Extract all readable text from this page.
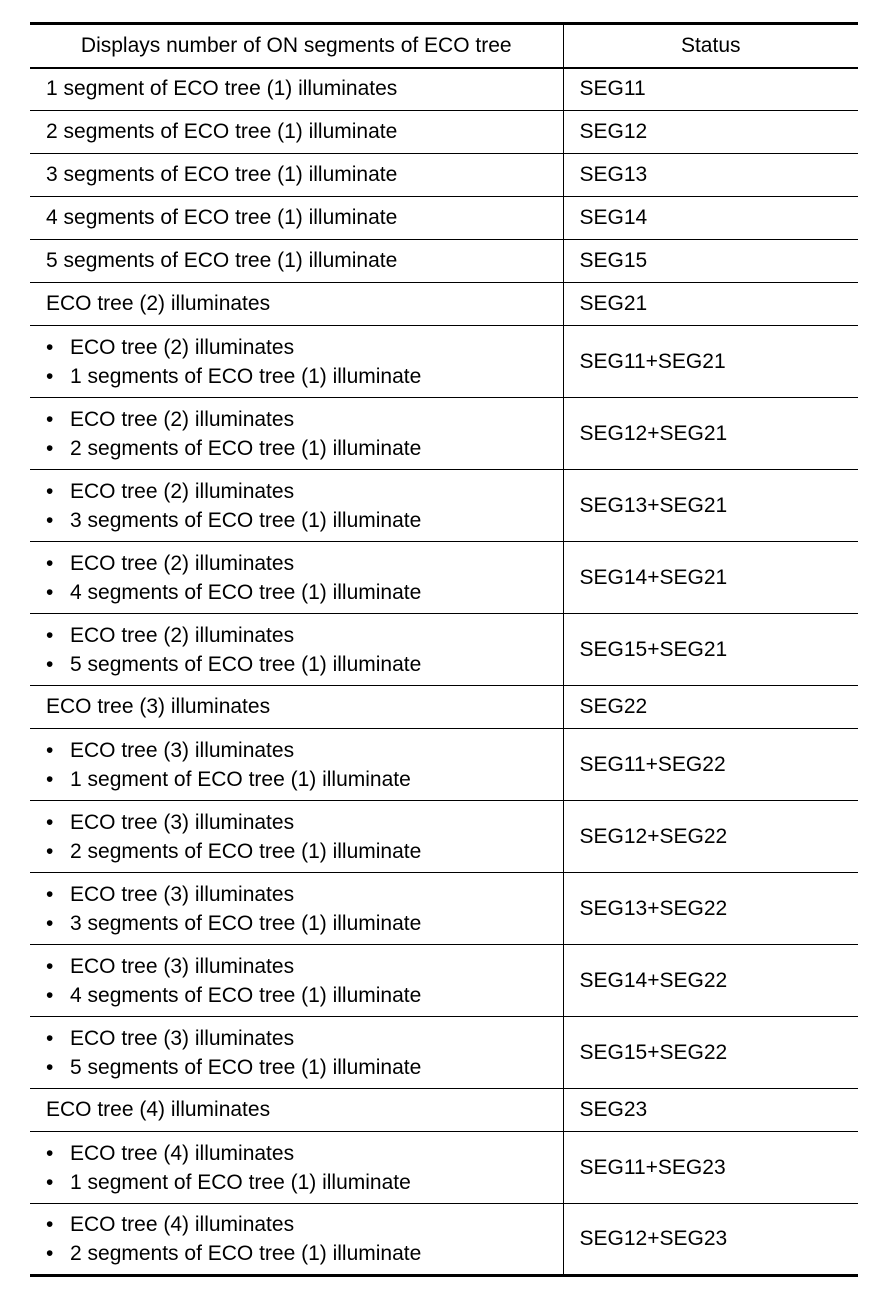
Displays number of ON segments of ECO tree	Status
1 segment of ECO tree (1) illuminates	SEG11
2 segments of ECO tree (1) illuminate	SEG12
3 segments of ECO tree (1) illuminate	SEG13
4 segments of ECO tree (1) illuminate	SEG14
5 segments of ECO tree (1) illuminate	SEG15
ECO tree (2) illuminates	SEG21

• ECO tree (2) illuminates
• 1 segments of ECO tree (1) illuminate	SEG11+SEG21

• ECO tree (2) illuminates
• 2 segments of ECO tree (1) illuminate	SEG12+SEG21

• ECO tree (2) illuminates
• 3 segments of ECO tree (1) illuminate	SEG13+SEG21

• ECO tree (2) illuminates
• 4 segments of ECO tree (1) illuminate	SEG14+SEG21

• ECO tree (2) illuminates
• 5 segments of ECO tree (1) illuminate	SEG15+SEG21
ECO tree (3) illuminates	SEG22

• ECO tree (3) illuminates
• 1 segment of ECO tree (1) illuminate	SEG11+SEG22

• ECO tree (3) illuminates
• 2 segments of ECO tree (1) illuminate	SEG12+SEG22

• ECO tree (3) illuminates
• 3 segments of ECO tree (1) illuminate	SEG13+SEG22

• ECO tree (3) illuminates
• 4 segments of ECO tree (1) illuminate	SEG14+SEG22

• ECO tree (3) illuminates
• 5 segments of ECO tree (1) illuminate	SEG15+SEG22
ECO tree (4) illuminates	SEG23

• ECO tree (4) illuminates
• 1 segment of ECO tree (1) illuminate	SEG11+SEG23

• ECO tree (4) illuminates
• 2 segments of ECO tree (1) illuminate	SEG12+SEG23
